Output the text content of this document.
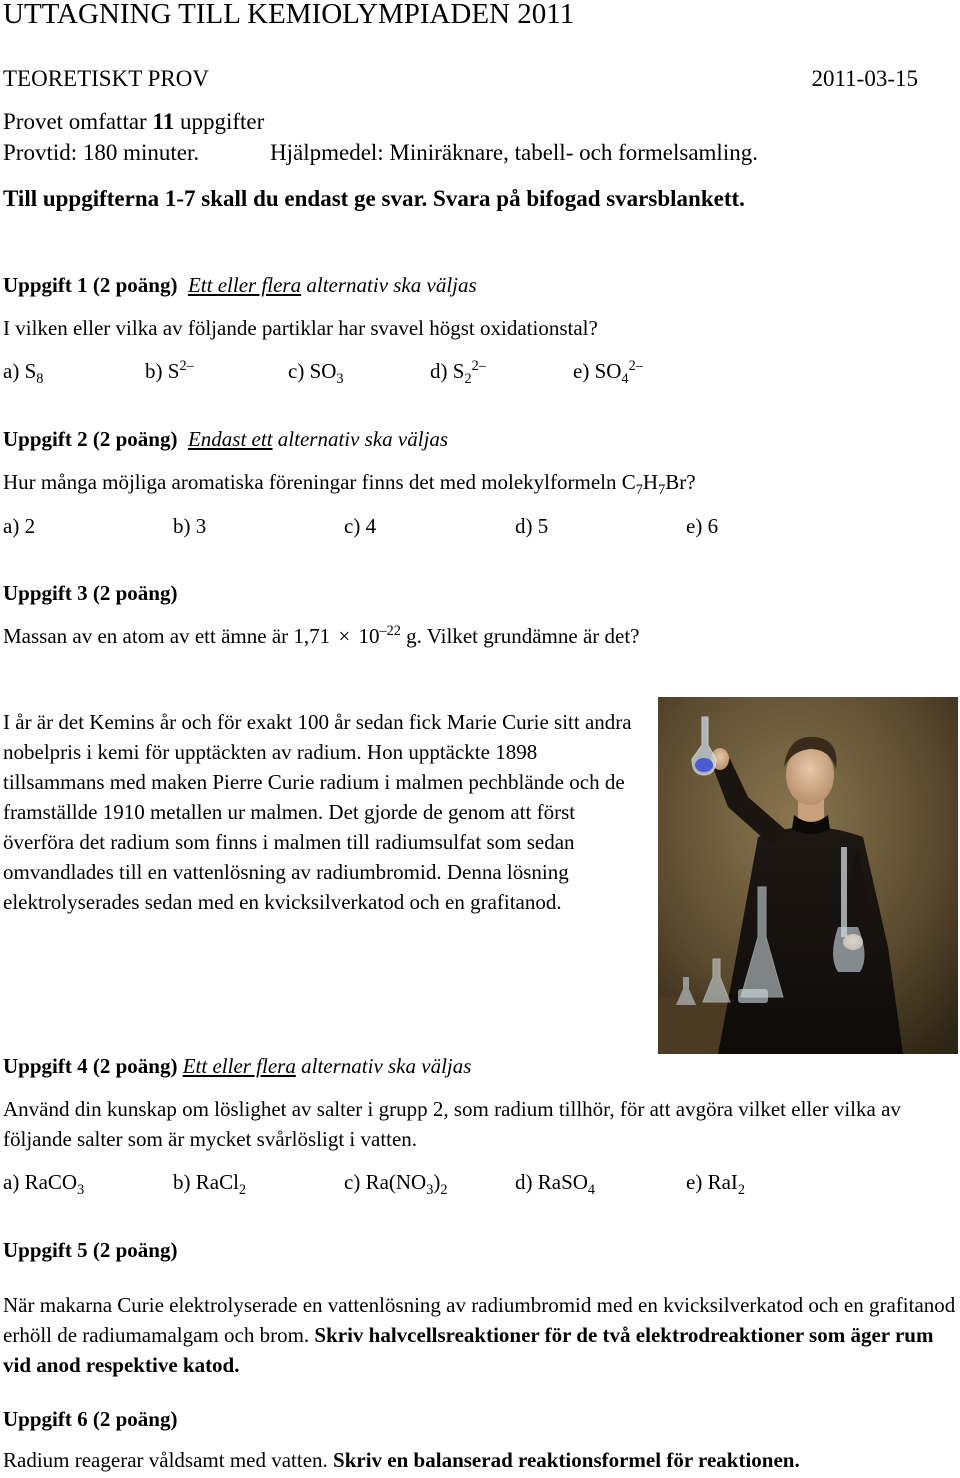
UTTAGNING TILL KEMIOLYMPIADEN 2011
TEORETISKT PROV	2011-03-15
Provet omfattar 11 uppgifter
Provtid: 180 minuter.	Hjälpmedel: Miniräknare, tabell- och formelsamling.
Till uppgifterna 1-7 skall du endast ge svar. Svara på bifogad svarsblankett.
Uppgift 1 (2 poäng) Ett eller flera alternativ ska väljas
I vilken eller vilka av följande partiklar har svavel högst oxidationstal?
a) $S_8$	b) $S^{2-}$	c) $SO_3$	d) $S_2^{2-}$	e) $SO_4^{2-}$
Uppgift 2 (2 poäng) Endast ett alternativ ska väljas
Hur många möjliga aromatiska föreningar finns det med molekylformeln $C_7H_7Br$?
a) 2	b) 3	c) 4	d) 5	e) 6
Uppgift 3 (2 poäng)
Massan av en atom av ett ämne är $1,71 \times 10^{-22}$ g. Vilket grundämne är det?
I år är det Kemins år och för exakt 100 år sedan fick Marie Curie sitt andra nobelpris i kemi för upptäckten av radium. Hon upptäckte 1898 tillsammans med maken Pierre Curie radium i malmen pechblände och de framställde 1910 metallen ur malmen. Det gjorde de genom att först överföra det radium som finns i malmen till radiumsulfat som sedan omvandlades till en vattenlösning av radiumbromid. Denna lösning elektrolyserades sedan med en kvicksilverkatod och en grafitanod.
Uppgift 4 (2 poäng) Ett eller flera alternativ ska väljas
Använd din kunskap om löslighet av salter i grupp 2, som radium tillhör, för att avgöra vilket eller vilka av följande salter som är mycket svårlösligt i vatten.
a) RaCO$_3$	b) RaCl$_2$	c) $Ra(NO_3)_2$	d) RaSO$_4$	e) RaI$_2$
Uppgift 5 (2 poäng)
När makarna Curie elektrolyserade en vattenlösning av radiumbromid med en kvicksilverkatod och en grafitanod erhöll de radiumamalgam och brom. Skriv halvcellsreaktioner för de två elektrodreaktioner som äger rum vid anod respektive katod.
Uppgift 6 (2 poäng)
Radium reagerar våldsamt med vatten. Skriv en balanserad reaktionsformel för reaktionen.
